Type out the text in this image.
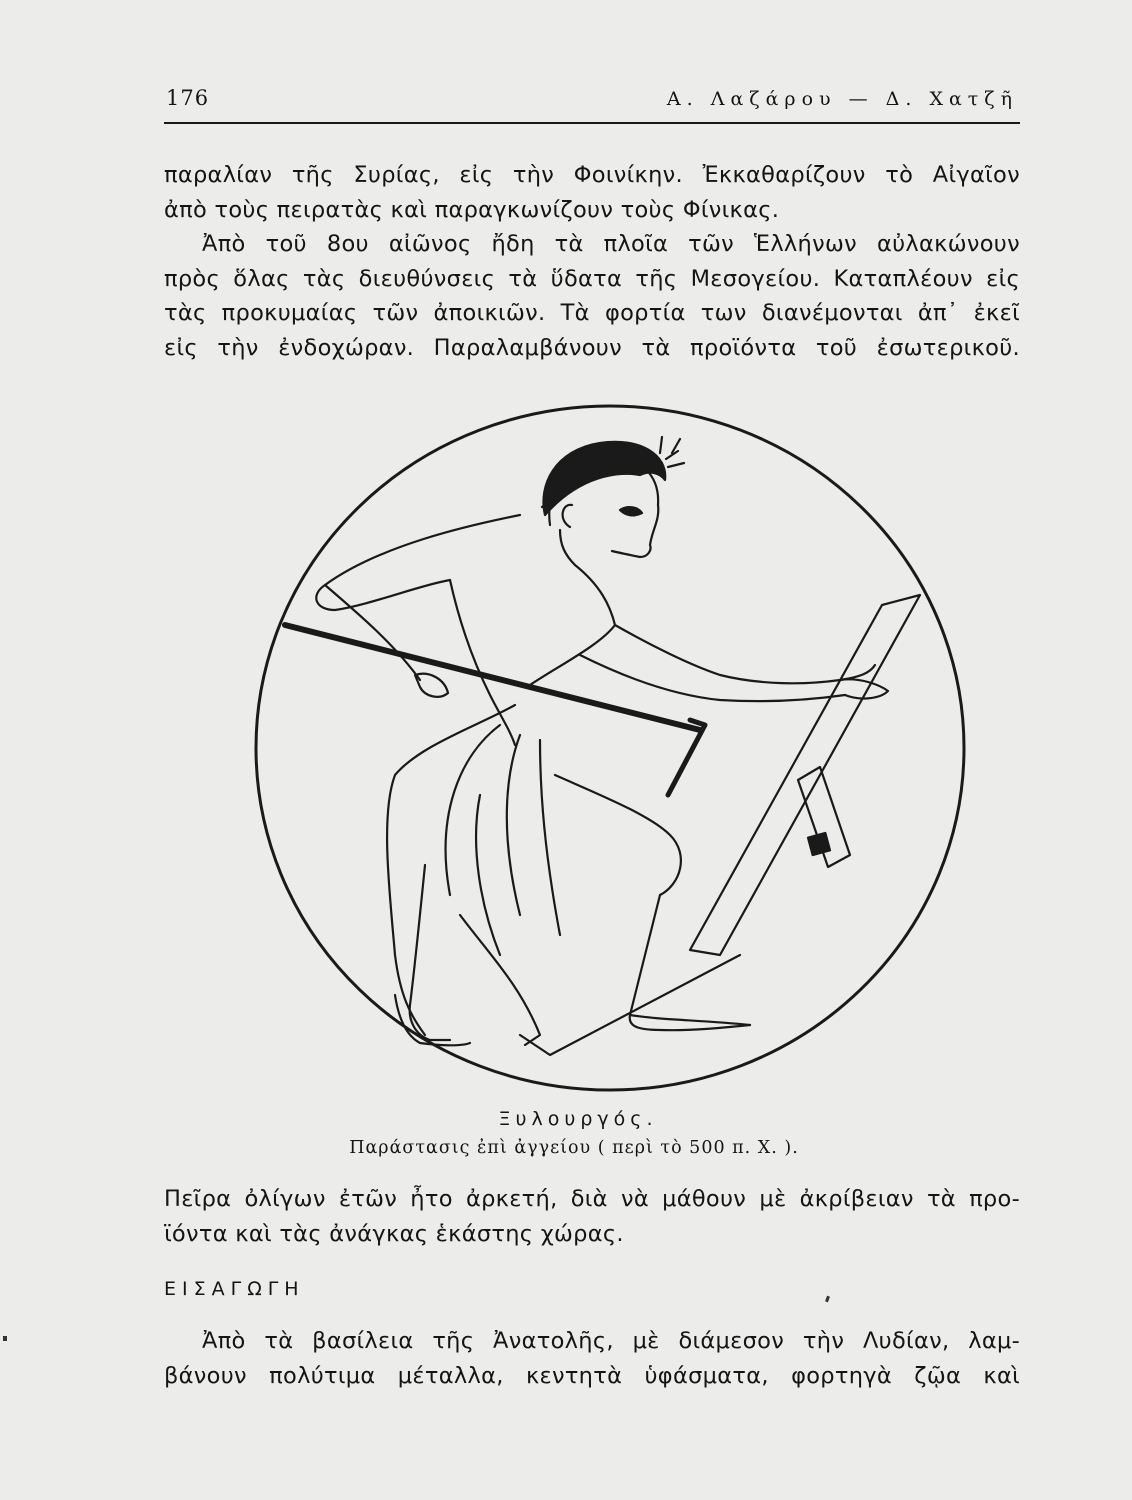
176	Α. Λαζάρου — Δ. Χατζῆ
παραλίαν τῆς Συρίας, εἰς τὴν Φοινίκην. Ἐκκαθαρίζουν τὸ Αἰγαῖον
ἀπὸ τοὺς πειρατὰς καὶ παραγκωνίζουν τοὺς Φίνικας.
Ἀπὸ τοῦ 8ου αἰῶνος ἤδη τὰ πλοῖα τῶν Ἑλλήνων αὐλακώνουν
πρὸς ὅλας τὰς διευθύνσεις τὰ ὕδατα τῆς Μεσογείου. Καταπλέουν εἰς
τὰς προκυμαίας τῶν ἀποικιῶν. Τὰ φορτία των διανέμονται ἀπ᾽ ἐκεῖ
εἰς τὴν ἐνδοχώραν. Παραλαμβάνουν τὰ προϊόντα τοῦ ἐσωτερικοῦ.
Ξυλουργός.
Παράστασις ἐπὶ ἀγγείου ( περὶ τὸ 500 π. Χ. ).
Πεῖρα ὀλίγων ἐτῶν ἦτο ἀρκετή, διὰ νὰ μάθουν μὲ ἀκρίβειαν τὰ προ-
ϊόντα καὶ τὰς ἀνάγκας ἑκάστης χώρας.
ΕΙΣΑΓΩΓΗ
Ἀπὸ τὰ βασίλεια τῆς Ἀνατολῆς, μὲ διάμεσον τὴν Λυδίαν, λαμ-
βάνουν πολύτιμα μέταλλα, κεντητὰ ὑφάσματα, φορτηγὰ ζῷα καὶ
